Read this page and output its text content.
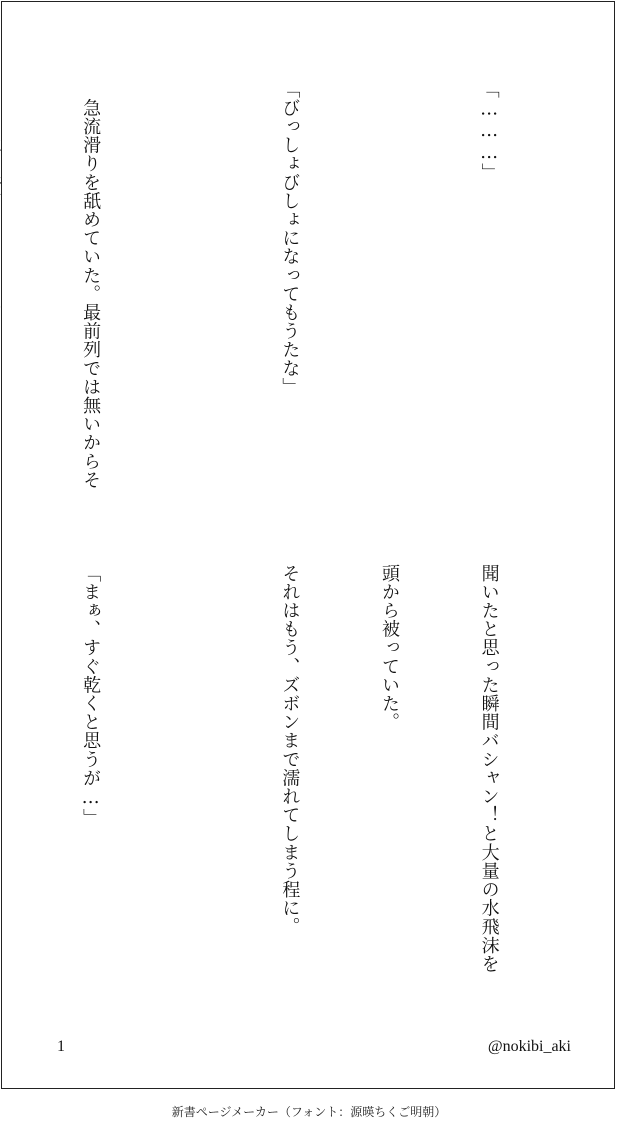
「………」

「びっしょびしょになってもうたな」

　急流滑りを舐めていた。最前列では無いからそ

聞いたと思った瞬間バシャン！と大量の水飛沫を

頭から被っていた。

それはもう、ズボンまで濡れてしまう程に。

「まぁ、すぐ乾くと思うが…」

1	@nokibi_aki
新書ページメーカー（フォント：源暎ちくご明朝）
